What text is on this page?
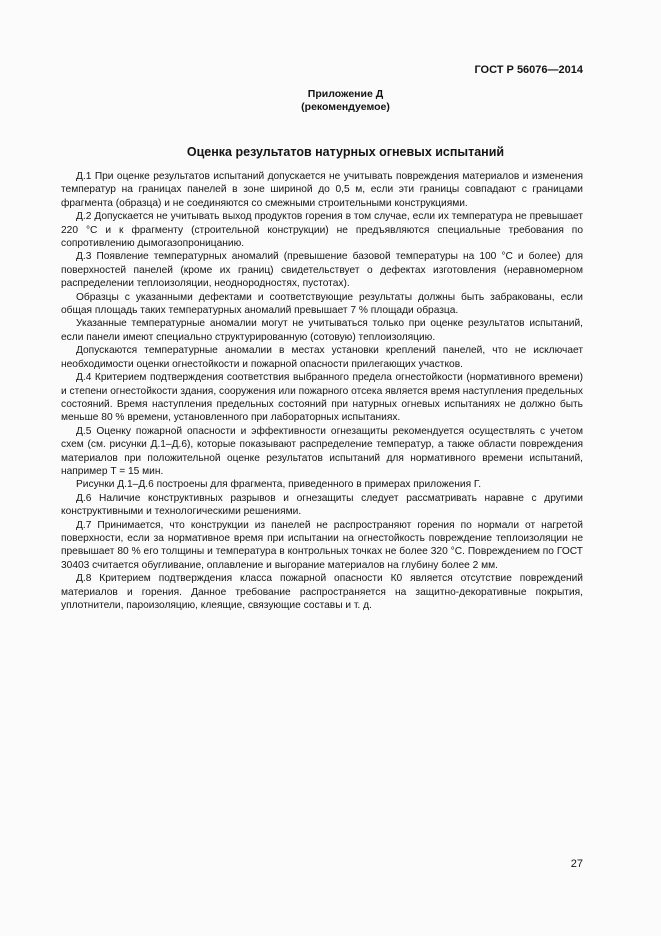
ГОСТ Р 56076—2014
Приложение Д
(рекомендуемое)
Оценка результатов натурных огневых испытаний

Д.1 При оценке результатов испытаний допускается не учитывать повреждения материалов и изменения температур на границах панелей в зоне шириной до 0,5 м, если эти границы совпадают с границами фрагмента (образца) и не соединяются со смежными строительными конструкциями.

Д.2 Допускается не учитывать выход продуктов горения в том случае, если их температура не превышает 220 °С и к фрагменту (строительной конструкции) не предъявляются специальные требования по сопротивлению дымогазопроницанию.

Д.3 Появление температурных аномалий (превышение базовой температуры на 100 °С и более) для поверхностей панелей (кроме их границ) свидетельствует о дефектах изготовления (неравномерном распределении теплоизоляции, неоднородностях, пустотах).

Образцы с указанными дефектами и соответствующие результаты должны быть забракованы, если общая площадь таких температурных аномалий превышает 7 % площади образца.

Указанные температурные аномалии могут не учитываться только при оценке результатов испытаний, если панели имеют специально структурированную (сотовую) теплоизоляцию.

Допускаются температурные аномалии в местах установки креплений панелей, что не исключает необходимости оценки огнестойкости и пожарной опасности прилегающих участков.

Д.4 Критерием подтверждения соответствия выбранного предела огнестойкости (нормативного времени) и степени огнестойкости здания, сооружения или пожарного отсека является время наступления предельных состояний. Время наступления предельных состояний при натурных огневых испытаниях не должно быть меньше 80 % времени, установленного при лабораторных испытаниях.

Д.5 Оценку пожарной опасности и эффективности огнезащиты рекомендуется осуществлять с учетом схем (см. рисунки Д.1–Д.6), которые показывают распределение температур, а также области повреждения материалов при положительной оценке результатов испытаний для нормативного времени испытаний, например T = 15 мин.

Рисунки Д.1–Д.6 построены для фрагмента, приведенного в примерах приложения Г.

Д.6 Наличие конструктивных разрывов и огнезащиты следует рассматривать наравне с другими конструктивными и технологическими решениями.

Д.7 Принимается, что конструкции из панелей не распространяют горения по нормали от нагретой поверхности, если за нормативное время при испытании на огнестойкость повреждение теплоизоляции не превышает 80 % его толщины и температура в контрольных точках не более 320 °С. Повреждением по ГОСТ 30403 считается обугливание, оплавление и выгорание материалов на глубину более 2 мм.

Д.8 Критерием подтверждения класса пожарной опасности К0 является отсутствие повреждений материалов и горения. Данное требование распространяется на защитно-декоративные покрытия, уплотнители, пароизоляцию, клеящие, связующие составы и т. д.

27
